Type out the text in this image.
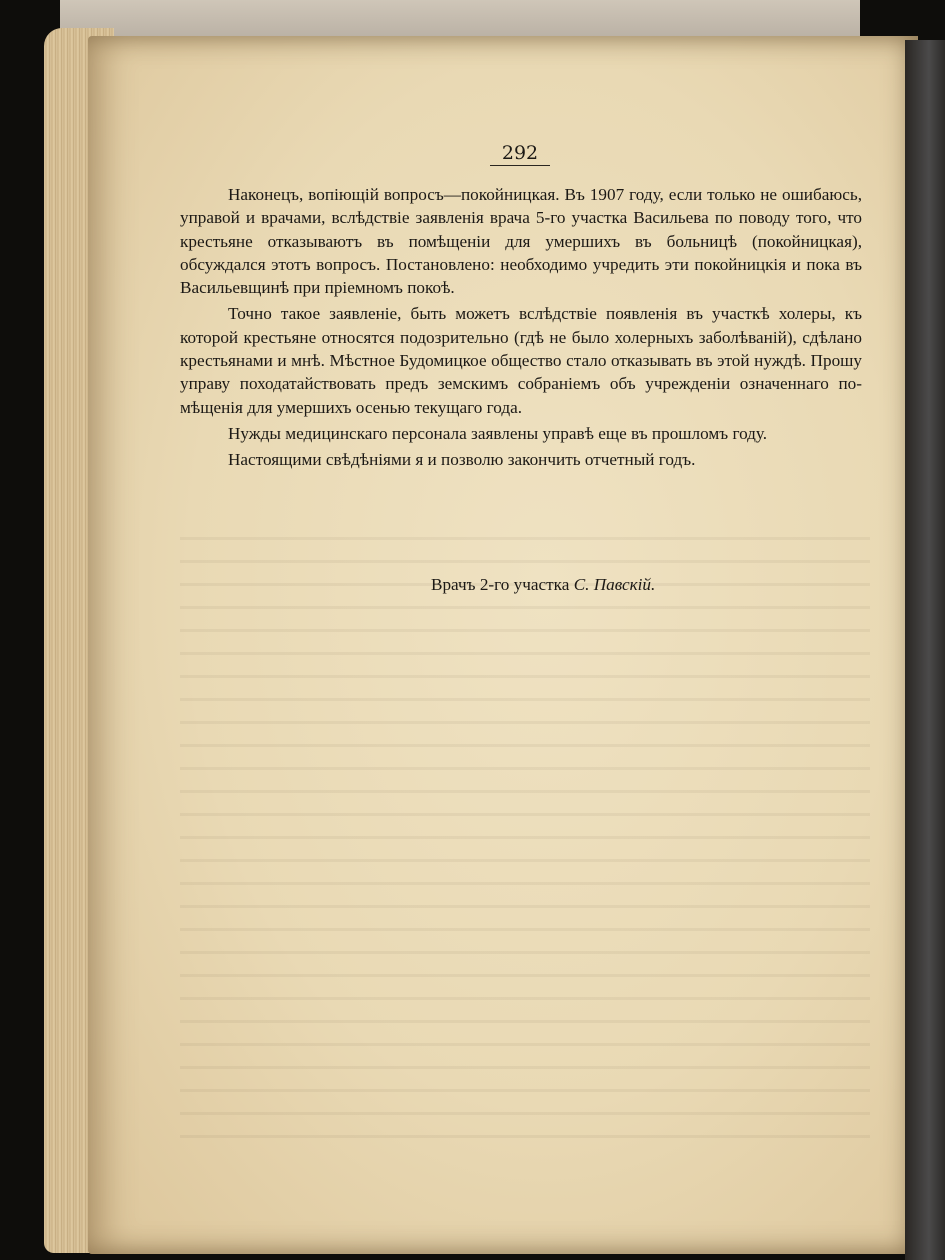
292

Наконецъ, вопіющій вопросъ—покойницкая. Въ 1907 году, если только не ошибаюсь, управой и врачами, вслѣдствіе заявленія врача 5-го участка Васильева по поводу того, что крестьяне отказываютъ въ помѣщеніи для умершихъ въ больницѣ (покойницкая), обсуждался этотъ вопросъ. Постановлено: необходимо учредить эти покойницкія и пока въ Васильевщинѣ при пріемномъ покоѣ.

Точно такое заявленіе, быть можетъ вслѣдствіе появленія въ участкѣ холеры, къ которой крестьяне относятся подозрительно (гдѣ не было холерныхъ заболѣваній), сдѣлано крестьянами и мнѣ. Мѣстное Будомицкое общество стало отказывать въ этой нуждѣ. Прошу управу походатайствовать предъ земскимъ собраніемъ объ учрежденіи означеннаго помѣщенія для умершихъ осенью текущаго года.

Нужды медицинскаго персонала заявлены управѣ еще въ прошломъ году.

Настоящими свѣдѣніями я и позволю закончить отчетный годъ.

Врачъ 2-го участка С. Павскій.
